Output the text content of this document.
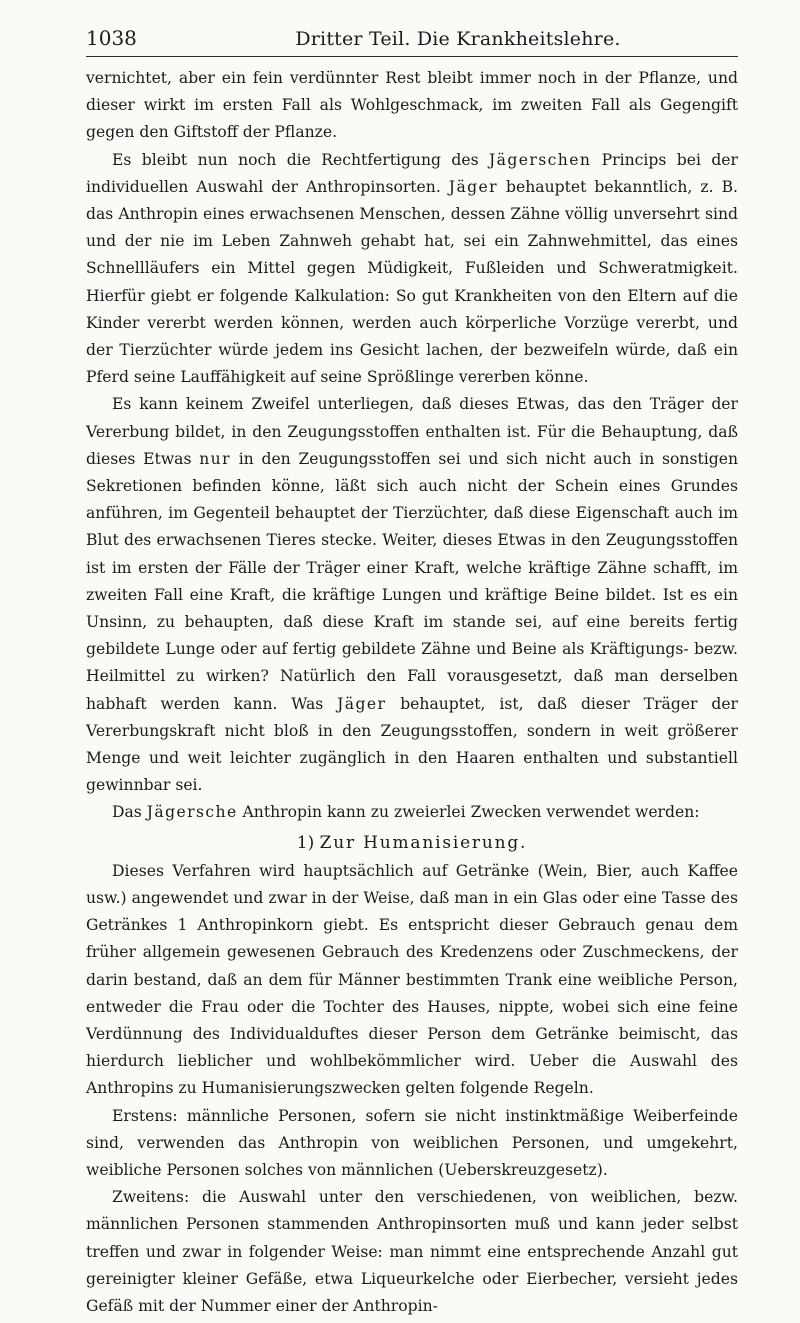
1038	Dritter Teil. Die Krankheitslehre.

vernichtet, aber ein fein verdünnter Rest bleibt immer noch in der Pflanze, und dieser wirkt im ersten Fall als Wohlgeschmack, im zweiten Fall als Gegengift gegen den Giftstoff der Pflanze.

Es bleibt nun noch die Rechtfertigung des Jägerschen Princips bei der individuellen Auswahl der Anthropinsorten. Jäger behauptet bekanntlich, z. B. das Anthropin eines erwachsenen Menschen, dessen Zähne völlig unversehrt sind und der nie im Leben Zahnweh gehabt hat, sei ein Zahnwehmittel, das eines Schnellläufers ein Mittel gegen Müdigkeit, Fußleiden und Schweratmigkeit. Hierfür giebt er folgende Kalkulation: So gut Krankheiten von den Eltern auf die Kinder vererbt werden können, werden auch körperliche Vorzüge vererbt, und der Tierzüchter würde jedem ins Gesicht lachen, der bezweifeln würde, daß ein Pferd seine Lauffähigkeit auf seine Sprößlinge vererben könne.

Es kann keinem Zweifel unterliegen, daß dieses Etwas, das den Träger der Vererbung bildet, in den Zeugungsstoffen enthalten ist. Für die Behauptung, daß dieses Etwas nur in den Zeugungsstoffen sei und sich nicht auch in sonstigen Sekretionen befinden könne, läßt sich auch nicht der Schein eines Grundes anführen, im Gegenteil behauptet der Tierzüchter, daß diese Eigenschaft auch im Blut des erwachsenen Tieres stecke. Weiter, dieses Etwas in den Zeugungsstoffen ist im ersten der Fälle der Träger einer Kraft, welche kräftige Zähne schafft, im zweiten Fall eine Kraft, die kräftige Lungen und kräftige Beine bildet. Ist es ein Unsinn, zu behaupten, daß diese Kraft im stande sei, auf eine bereits fertig gebildete Lunge oder auf fertig gebildete Zähne und Beine als Kräftigungs- bezw. Heilmittel zu wirken? Natürlich den Fall vorausgesetzt, daß man derselben habhaft werden kann. Was Jäger behauptet, ist, daß dieser Träger der Vererbungskraft nicht bloß in den Zeugungsstoffen, sondern in weit größerer Menge und weit leichter zugänglich in den Haaren enthalten und substantiell gewinnbar sei.

Das Jägersche Anthropin kann zu zweierlei Zwecken verwendet werden:

1) Zur Humanisierung.

Dieses Verfahren wird hauptsächlich auf Getränke (Wein, Bier, auch Kaffee usw.) angewendet und zwar in der Weise, daß man in ein Glas oder eine Tasse des Getränkes 1 Anthropinkorn giebt. Es entspricht dieser Gebrauch genau dem früher allgemein gewesenen Gebrauch des Kredenzens oder Zuschmeckens, der darin bestand, daß an dem für Männer bestimmten Trank eine weibliche Person, entweder die Frau oder die Tochter des Hauses, nippte, wobei sich eine feine Verdünnung des Individualduftes dieser Person dem Getränke beimischt, das hierdurch lieblicher und wohlbekömmlicher wird. Ueber die Auswahl des Anthropins zu Humanisierungszwecken gelten folgende Regeln.

Erstens: männliche Personen, sofern sie nicht instinktmäßige Weiberfeinde sind, verwenden das Anthropin von weiblichen Personen, und umgekehrt, weibliche Personen solches von männlichen (Ueberskreuzgesetz).

Zweitens: die Auswahl unter den verschiedenen, von weiblichen, bezw. männlichen Personen stammenden Anthropinsorten muß und kann jeder selbst treffen und zwar in folgender Weise: man nimmt eine entsprechende Anzahl gut gereinigter kleiner Gefäße, etwa Liqueurkelche oder Eierbecher, versieht jedes Gefäß mit der Nummer einer der Anthropin-
